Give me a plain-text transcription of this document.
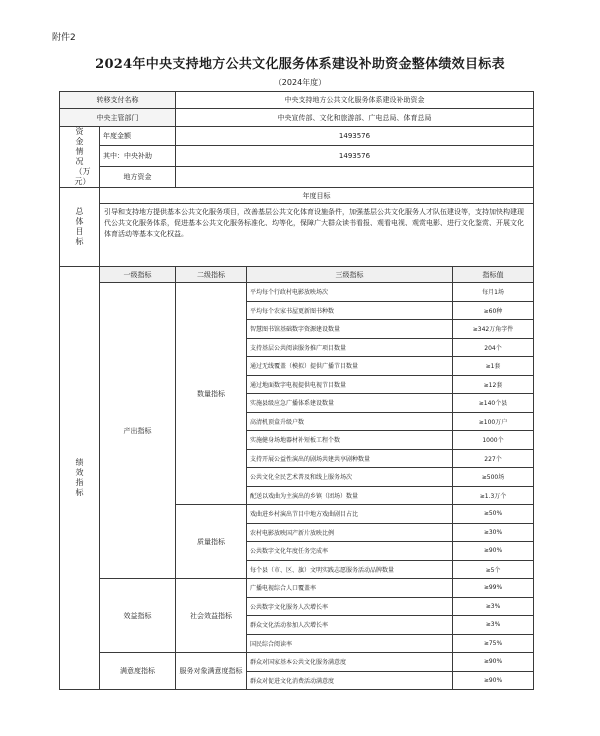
附件2
2024年中央支持地方公共文化服务体系建设补助资金整体绩效目标表
（2024年度）
转移支付名称		中央支持地方公共文化服务体系建设补助资金		
中央主管部门		中央宣传部、文化和旅游部、广电总局、体育总局		
资金情况（万元）	年度金额	1493576		
	其中：中央补助	1493576		
	地方资金			
总体目标	年度目标			
	引导和支持地方提供基本公共文化服务项目，改善基层公共文化体育设施条件，加强基层公共文化服务人才队伍建设等，支持加快构建现代公共文化服务体系，促进基本公共文化服务标准化、均等化，保障广大群众读书看报、观看电视、观赏电影、进行文化鉴赏、开展文化体育活动等基本文化权益。			
绩效指标	一级指标	二级指标	三级指标	指标值
	产出指标	数量指标	平均每个行政村电影放映场次	每月1场
			平均每个农家书屋更新图书种数	≥60种
			智慧图书馆基础数字资源建设数量	≥342万角字件
			支持基层公共阅读服务推广项目数量	204个
			通过无线覆盖（模拟）提供广播节目数量	≥1套
			通过地面数字电视提供电视节目数量	≥12套
			实施县级应急广播体系建设数量	≥140个县
			高清机顶盒升级户数	≥100万户
			实施健身场地器材补短板工程个数	1000个
			支持开展公益性演出的剧场共建共享剧种数量	227个
			公共文化全民艺术普及和线上服务场次	≥500场
			配送以戏曲为主演出的乡镇（团场）数量	≥1.3万个
		质量指标	戏曲进乡村演出节目中地方戏曲剧目占比	≥50%
			农村电影放映国产新片放映比例	≥30%
			公共数字文化年度任务完成率	≥90%
			每个县（市、区、旗）文明实践志愿服务活动品牌数量	≥5个
	效益指标	社会效益指标	广播电视综合人口覆盖率	≥99%
			公共数字文化服务人次增长率	≥3%
			群众文化活动参加人次增长率	≥3%
			国民综合阅读率	≥75%
	满意度指标	服务对象满意度指标	群众对国家基本公共文化服务满意度	≥90%
			群众对促进文化消费活动满意度	≥90%
